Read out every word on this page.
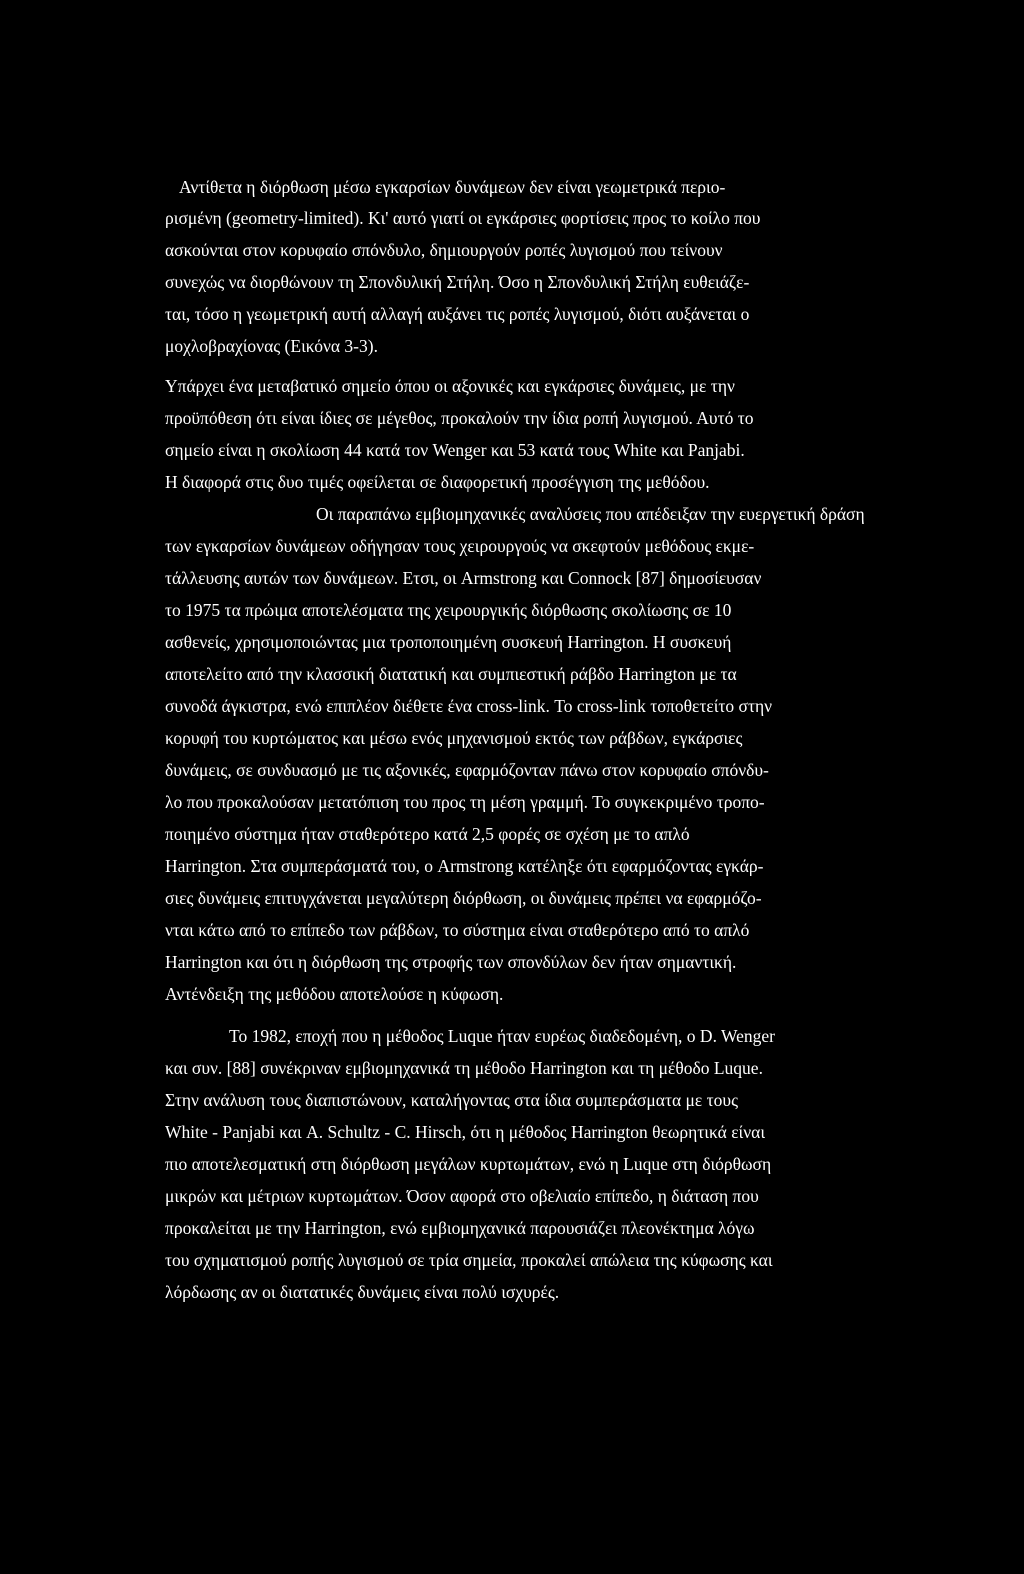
Αντίθετα η διόρθωση μέσω εγκαρσίων δυνάμεων δεν είναι γεωμετρικά περιο-
ρισμένη (geometry-limited). Κι' αυτό γιατί οι εγκάρσιες φορτίσεις προς το κοίλο που
ασκούνται στον κορυφαίο σπόνδυλο, δημιουργούν ροπές λυγισμού που τείνουν
συνεχώς να διορθώνουν τη Σπονδυλική Στήλη. Όσο η Σπονδυλική Στήλη ευθειάζε-
ται, τόσο η γεωμετρική αυτή αλλαγή αυξάνει τις ροπές λυγισμού, διότι αυξάνεται ο
μοχλοβραχίονας (Εικόνα 3-3).
Υπάρχει ένα μεταβατικό σημείο όπου οι αξονικές και εγκάρσιες δυνάμεις, με την
προϋπόθεση ότι είναι ίδιες σε μέγεθος, προκαλούν την ίδια ροπή λυγισμού. Αυτό το
σημείο είναι η σκολίωση 44 κατά τον Wenger και 53 κατά τους White και Panjabi.
Η διαφορά στις δυο τιμές οφείλεται σε διαφορετική προσέγγιση της μεθόδου.
Οι παραπάνω εμβιομηχανικές αναλύσεις που απέδειξαν την ευεργετική δράση
των εγκαρσίων δυνάμεων οδήγησαν τους χειρουργούς να σκεφτούν μεθόδους εκμε-
τάλλευσης αυτών των δυνάμεων. Ετσι, οι Armstrong και Connock [87] δημοσίευσαν
το 1975 τα πρώιμα αποτελέσματα της χειρουργικής διόρθωσης σκολίωσης σε 10
ασθενείς, χρησιμοποιώντας μια τροποποιημένη συσκευή Harrington. Η συσκευή
αποτελείτο από την κλασσική διατατική και συμπιεστική ράβδο Harrington με τα
συνοδά άγκιστρα, ενώ επιπλέον διέθετε ένα cross-link. Το cross-link τοποθετείτο στην
κορυφή του κυρτώματος και μέσω ενός μηχανισμού εκτός των ράβδων, εγκάρσιες
δυνάμεις, σε συνδυασμό με τις αξονικές, εφαρμόζονταν πάνω στον κορυφαίο σπόνδυ-
λο που προκαλούσαν μετατόπιση του προς τη μέση γραμμή. Το συγκεκριμένο τροπο-
ποιημένο σύστημα ήταν σταθερότερο κατά 2,5 φορές σε σχέση με το απλό
Harrington. Στα συμπεράσματά του, ο Armstrong κατέληξε ότι εφαρμόζοντας εγκάρ-
σιες δυνάμεις επιτυγχάνεται μεγαλύτερη διόρθωση, οι δυνάμεις πρέπει να εφαρμόζο-
νται κάτω από το επίπεδο των ράβδων, το σύστημα είναι σταθερότερο από το απλό
Harrington και ότι η διόρθωση της στροφής των σπονδύλων δεν ήταν σημαντική.
Αντένδειξη της μεθόδου αποτελούσε η κύφωση.
Το 1982, εποχή που η μέθοδος Luque ήταν ευρέως διαδεδομένη, ο D. Wenger
και συν. [88] συνέκριναν εμβιομηχανικά τη μέθοδο Harrington και τη μέθοδο Luque.
Στην ανάλυση τους διαπιστώνουν, καταλήγοντας στα ίδια συμπεράσματα με τους
White - Panjabi και A. Schultz - C. Hirsch, ότι η μέθοδος Harrington θεωρητικά είναι
πιο αποτελεσματική στη διόρθωση μεγάλων κυρτωμάτων, ενώ η Luque στη διόρθωση
μικρών και μέτριων κυρτωμάτων. Όσον αφορά στο οβελιαίο επίπεδο, η διάταση που
προκαλείται με την Harrington, ενώ εμβιομηχανικά παρουσιάζει πλεονέκτημα λόγω
του σχηματισμού ροπής λυγισμού σε τρία σημεία, προκαλεί απώλεια της κύφωσης και
λόρδωσης αν οι διατατικές δυνάμεις είναι πολύ ισχυρές.
